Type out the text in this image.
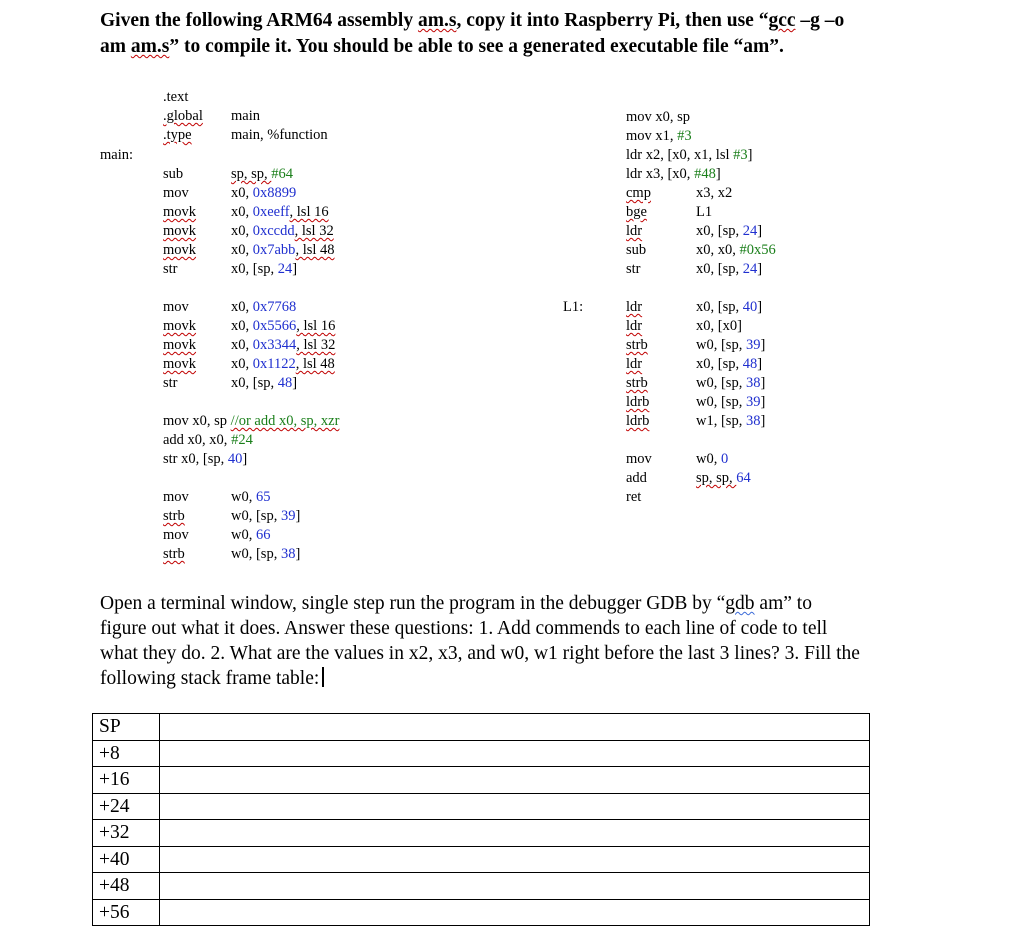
Given the following ARM64 assembly am.s, copy it into Raspberry Pi, then use “gcc –g –o
am am.s” to compile it. You should be able to see a generated executable file “am”.
main:
.text
.global main
.type	main, %function
sub	sp, sp, #64
mov	x0, 0x8899
movk x0, 0xeeff, lsl 16
movk x0, 0xccdd, lsl 32
movk x0, 0x7abb, lsl 48
str	x0, [sp, 24]
mov	x0, 0x7768
movk x0, 0x5566, lsl 16
movk x0, 0x3344, lsl 32
movk x0, 0x1122, lsl 48
str	x0, [sp, 48]
mov x0, sp //or add x0, sp, xzr
add x0, x0, #24
str x0, [sp, 40]
mov	w0, 65
strb	w0, [sp, 39]
mov	w0, 66
strb	w0, [sp, 38]
mov x0, sp
mov x1, #3
ldr x2, [x0, x1, lsl #3]
ldr x3, [x0, #48]
cmp	x3, x2
bge	L1
ldr	x0, [sp, 24]
sub	x0, x0, #0x56
str	x0, [sp, 24]
L1:	ldr	x0, [sp, 40]
ldr	x0, [x0]
strb	w0, [sp, 39]
ldr	x0, [sp, 48]
strb	w0, [sp, 38]
ldrb	w0, [sp, 39]
ldrb	w1, [sp, 38]
mov	w0, 0
add	sp, sp, 64
ret
Open a terminal window, single step run the program in the debugger GDB by “gdb am” to
figure out what it does. Answer these questions: 1. Add commends to each line of code to tell
what they do. 2. What are the values in x2, x3, and w0, w1 right before the last 3 lines? 3. Fill the
following stack frame table:
SP	
+8	
+16	
+24	
+32	
+40	
+48	
+56	
